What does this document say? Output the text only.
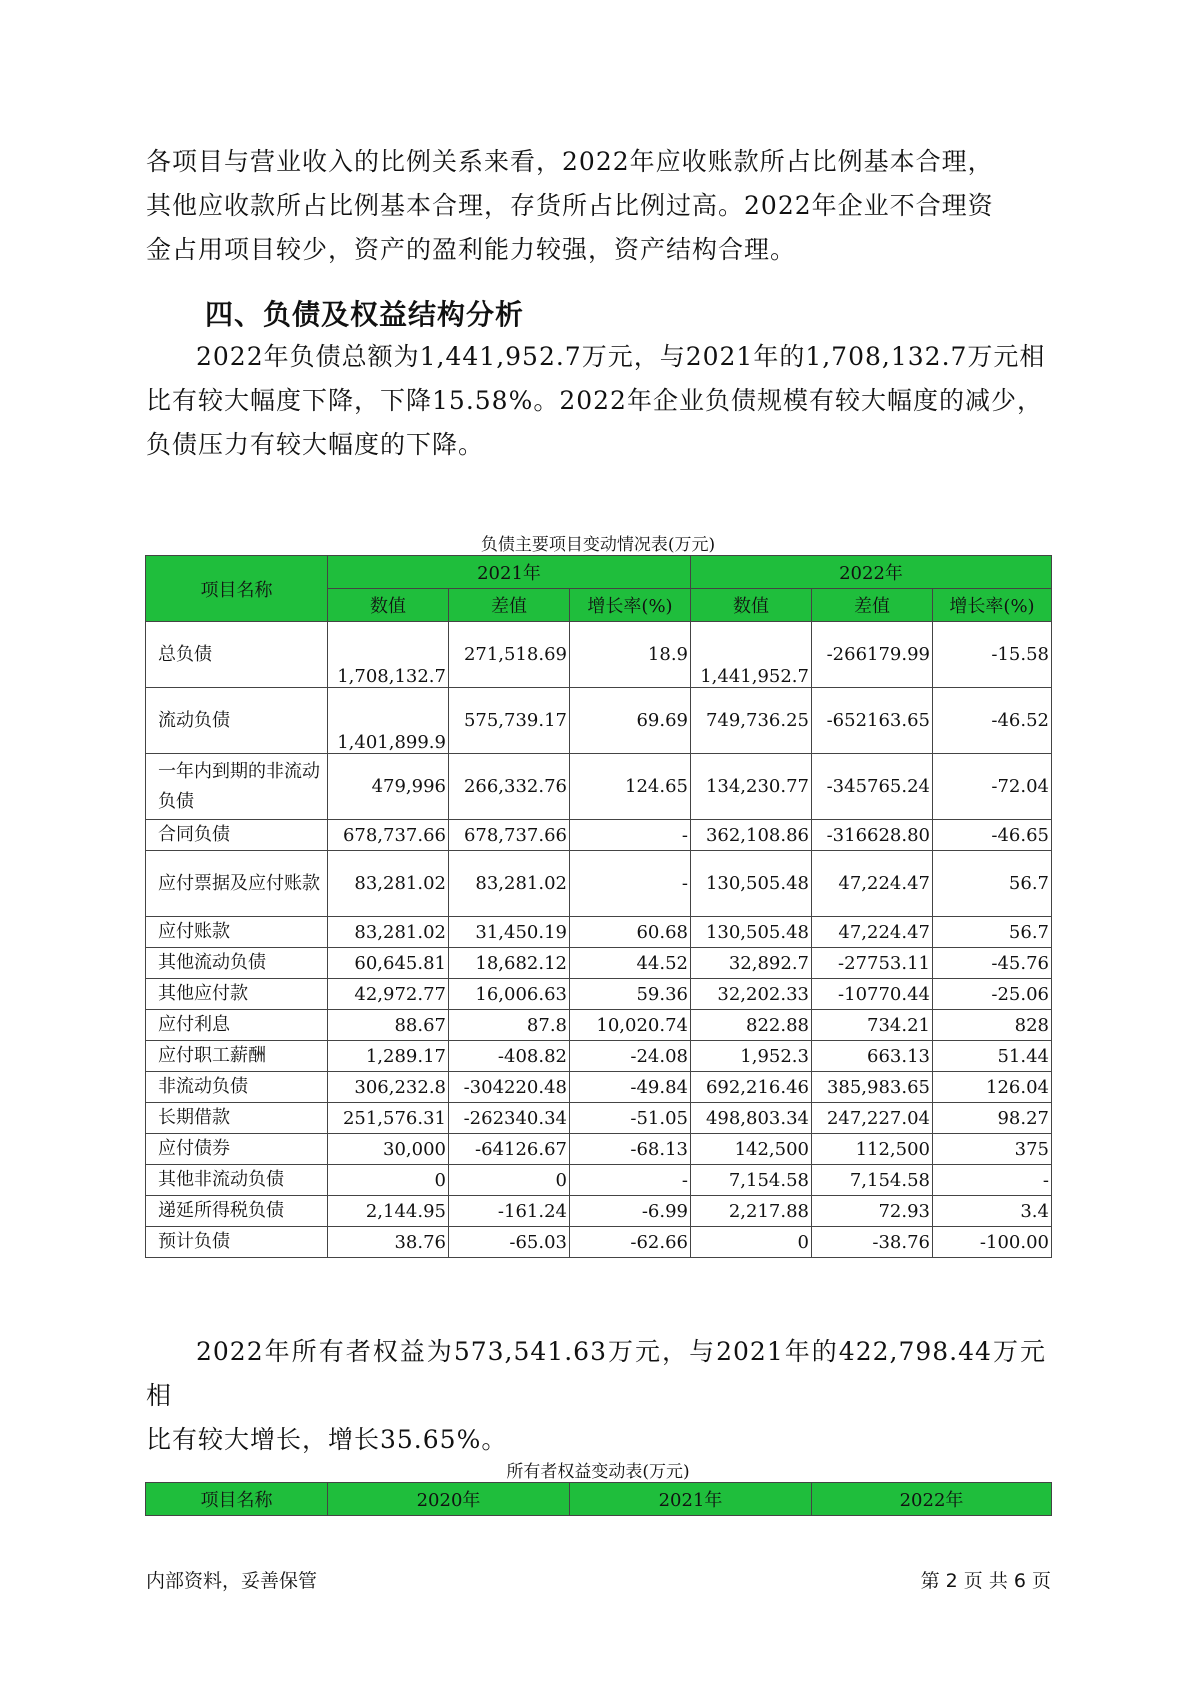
各项目与营业收入的比例关系来看，2022年应收账款所占比例基本合理，

其他应收款所占比例基本合理，存货所占比例过高。2022年企业不合理资

金占用项目较少，资产的盈利能力较强，资产结构合理。

四、负债及权益结构分析

2022年负债总额为1,441,952.7万元，与2021年的1,708,132.7万元相

比有较大幅度下降，下降15.58%。2022年企业负债规模有较大幅度的减少，

负债压力有较大幅度的下降。

负债主要项目变动情况表(万元)
项目名称	2021年			2022年		
	数值	差值	增长率(%)	数值	差值	增长率(%)
总负债	1,708,132.7	271,518.69	18.9	1,441,952.7	-266179.99	-15.58
流动负债	1,401,899.9	575,739.17	69.69	749,736.25	-652163.65	-46.52
一年内到期的非流动负债	479,996	266,332.76	124.65	134,230.77	-345765.24	-72.04
合同负债	678,737.66	678,737.66	-	362,108.86	-316628.80	-46.65
应付票据及应付账款	83,281.02	83,281.02	-	130,505.48	47,224.47	56.7
应付账款	83,281.02	31,450.19	60.68	130,505.48	47,224.47	56.7
其他流动负债	60,645.81	18,682.12	44.52	32,892.7	-27753.11	-45.76
其他应付款	42,972.77	16,006.63	59.36	32,202.33	-10770.44	-25.06
应付利息	88.67	87.8	10,020.74	822.88	734.21	828
应付职工薪酬	1,289.17	-408.82	-24.08	1,952.3	663.13	51.44
非流动负债	306,232.8	-304220.48	-49.84	692,216.46	385,983.65	126.04
长期借款	251,576.31	-262340.34	-51.05	498,803.34	247,227.04	98.27
应付债券	30,000	-64126.67	-68.13	142,500	112,500	375
其他非流动负债	0	0	-	7,154.58	7,154.58	-
递延所得税负债	2,144.95	-161.24	-6.99	2,217.88	72.93	3.4
预计负债	38.76	-65.03	-62.66	0	-38.76	-100.00

2022年所有者权益为573,541.63万元，与2021年的422,798.44万元相

比有较大增长，增长35.65%。

所有者权益变动表(万元)
项目名称	2020年	2021年	2022年
内部资料，妥善保管	第 2 页 共 6 页
